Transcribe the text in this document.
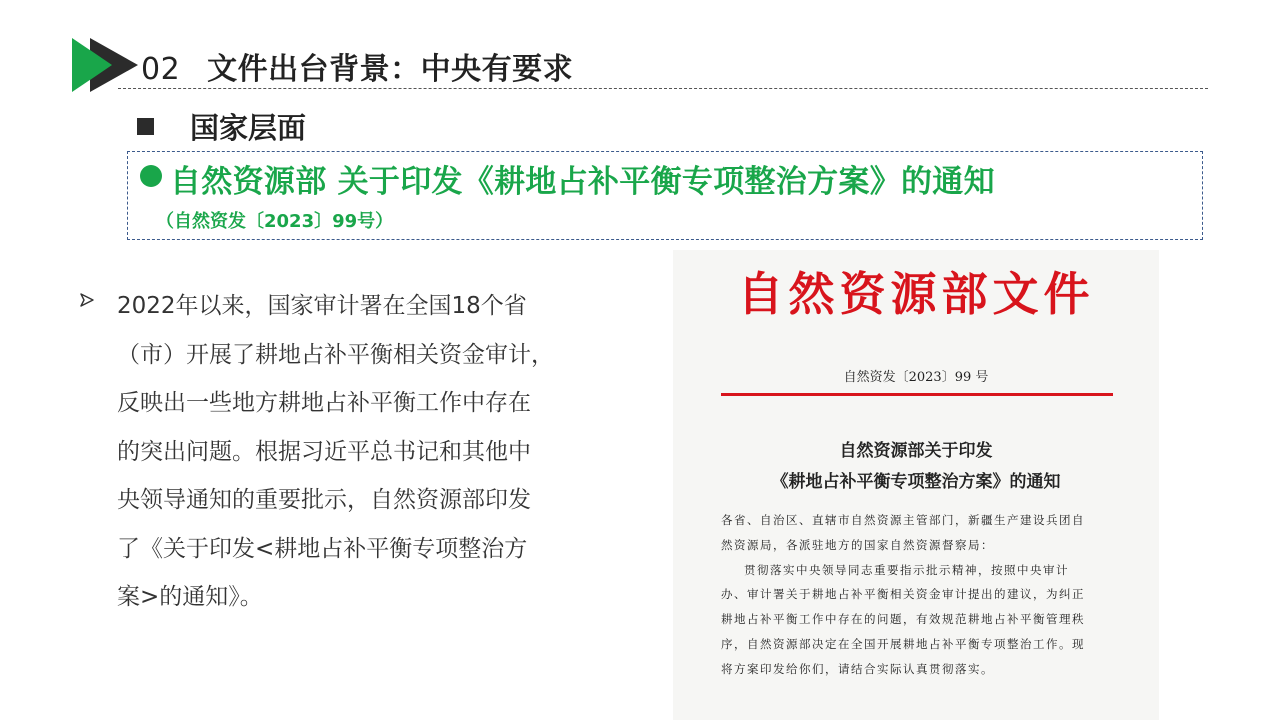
02 文件出台背景：中央有要求
国家层面
自然资源部 关于印发《耕地占补平衡专项整治方案》的通知
（自然资发〔2023〕99号）
2022年以来，国家审计署在全国18个省
（市）开展了耕地占补平衡相关资金审计，
反映出一些地方耕地占补平衡工作中存在
的突出问题。根据习近平总书记和其他中
央领导通知的重要批示，自然资源部印发
了《关于印发<耕地占补平衡专项整治方
案>的通知》。
自然资源部文件
自然资发〔2023〕99 号
自然资源部关于印发
《耕地占补平衡专项整治方案》的通知
各省、自治区、直辖市自然资源主管部门，新疆生产建设兵团自
然资源局，各派驻地方的国家自然资源督察局：
贯彻落实中央领导同志重要指示批示精神，按照中央审计
办、审计署关于耕地占补平衡相关资金审计提出的建议，为纠正
耕地占补平衡工作中存在的问题，有效规范耕地占补平衡管理秩
序，自然资源部决定在全国开展耕地占补平衡专项整治工作。现
将方案印发给你们，请结合实际认真贯彻落实。
